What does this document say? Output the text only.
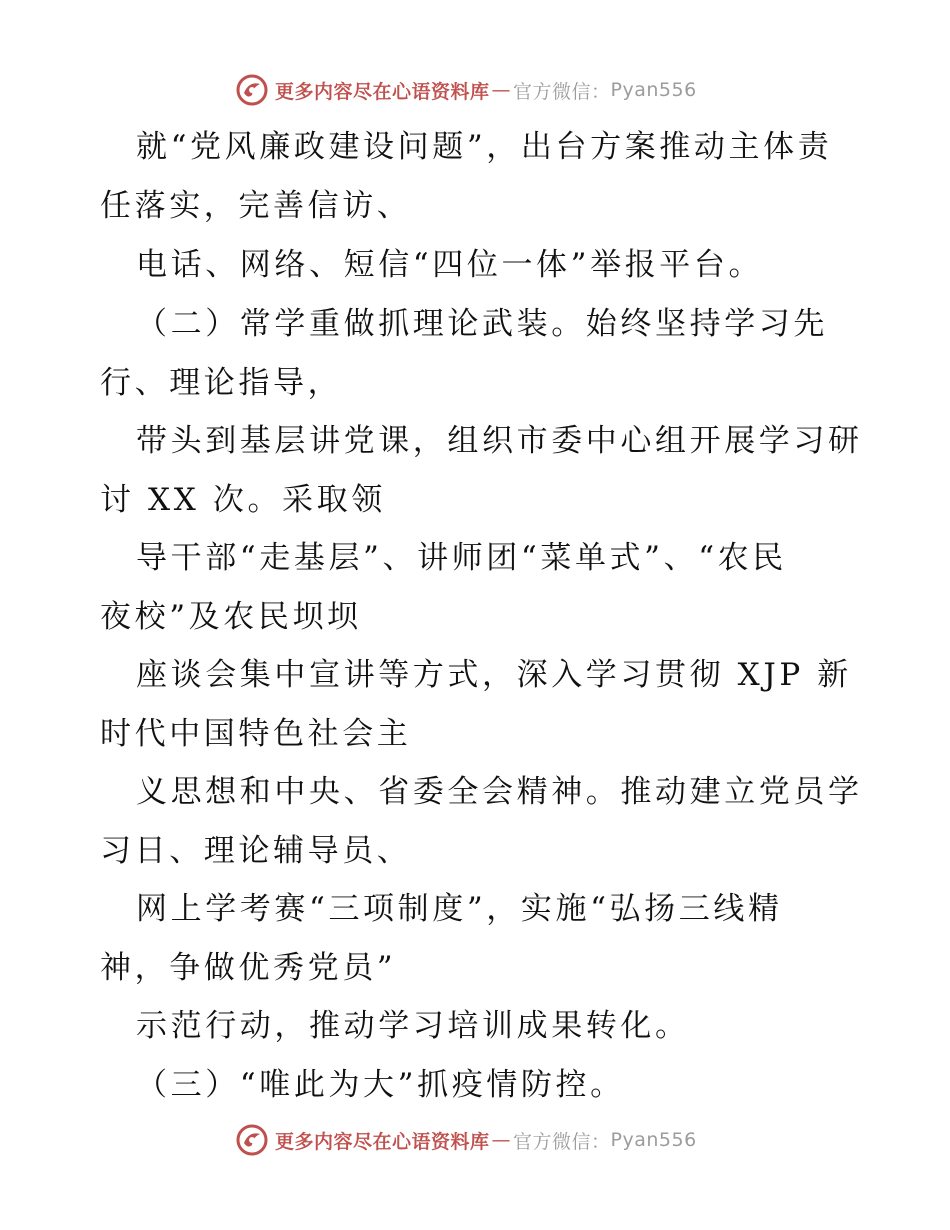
更多内容尽在心语资料库 — 官方微信： Pyan556
就“党风廉政建设问题”，出台方案推动主体责
任落实，完善信访、
电话、网络、短信“四位一体”举报平台。
（二）常学重做抓理论武装。始终坚持学习先
行、理论指导，
带头到基层讲党课，组织市委中心组开展学习研
讨 XX 次。采取领
导干部“走基层”、讲师团“菜单式”、“农民
夜校”及农民坝坝
座谈会集中宣讲等方式，深入学习贯彻 XJP 新
时代中国特色社会主
义思想和中央、省委全会精神。推动建立党员学
习日、理论辅导员、
网上学考赛“三项制度”，实施“弘扬三线精
神，争做优秀党员”
示范行动，推动学习培训成果转化。
（三）“唯此为大”抓疫情防控。
更多内容尽在心语资料库 — 官方微信： Pyan556
